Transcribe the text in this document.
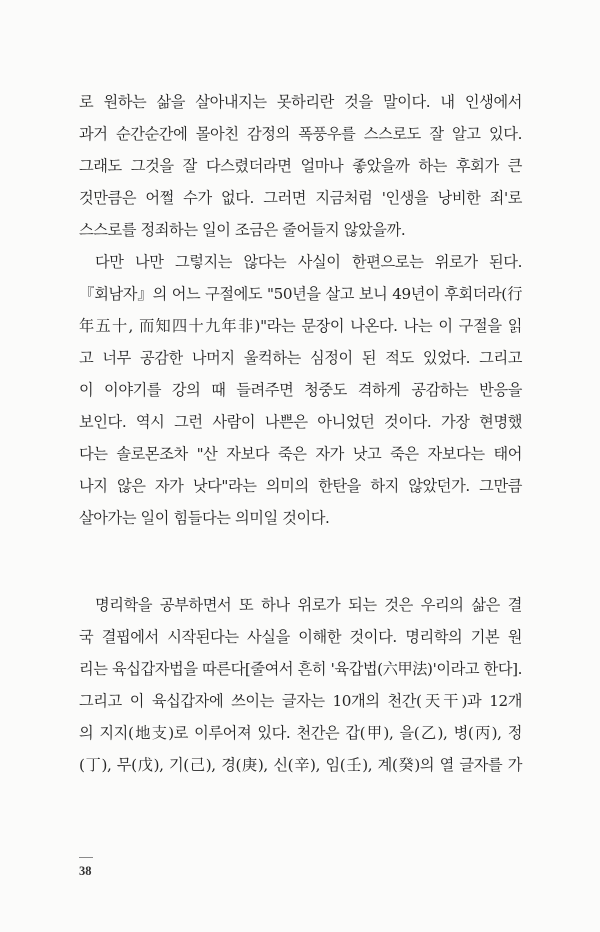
로 원하는 삶을 살아내지는 못하리란 것을 말이다. 내 인생에서
과거 순간순간에 몰아친 감정의 폭풍우를 스스로도 잘 알고 있다.
그래도 그것을 잘 다스렸더라면 얼마나 좋았을까 하는 후회가 큰
것만큼은 어쩔 수가 없다. 그러면 지금처럼 '인생을 낭비한 죄'로
스스로를 정죄하는 일이 조금은 줄어들지 않았을까.
다만 나만 그렇지는 않다는 사실이 한편으로는 위로가 된다.
『회남자』의 어느 구절에도 "50년을 살고 보니 49년이 후회더라(行
年五十, 而知四十九年非)"라는 문장이 나온다. 나는 이 구절을 읽
고 너무 공감한 나머지 울컥하는 심정이 된 적도 있었다. 그리고
이 이야기를 강의 때 들려주면 청중도 격하게 공감하는 반응을
보인다. 역시 그런 사람이 나쁜은 아니었던 것이다. 가장 현명했
다는 솔로몬조차 "산 자보다 죽은 자가 낫고 죽은 자보다는 태어
나지 않은 자가 낫다"라는 의미의 한탄을 하지 않았던가. 그만큼
살아가는 일이 힘들다는 의미일 것이다.
명리학을 공부하면서 또 하나 위로가 되는 것은 우리의 삶은 결
국 결핍에서 시작된다는 사실을 이해한 것이다. 명리학의 기본 원
리는 육십갑자법을 따른다[줄여서 흔히 '육갑법(六甲法)'이라고 한다].
그리고 이 육십갑자에 쓰이는 글자는 10개의 천간(天干)과 12개
의 지지(地支)로 이루어져 있다. 천간은 갑(甲), 을(乙), 병(丙), 정
(丁), 무(戊), 기(己), 경(庚), 신(辛), 임(壬), 계(癸)의 열 글자를 가
38
